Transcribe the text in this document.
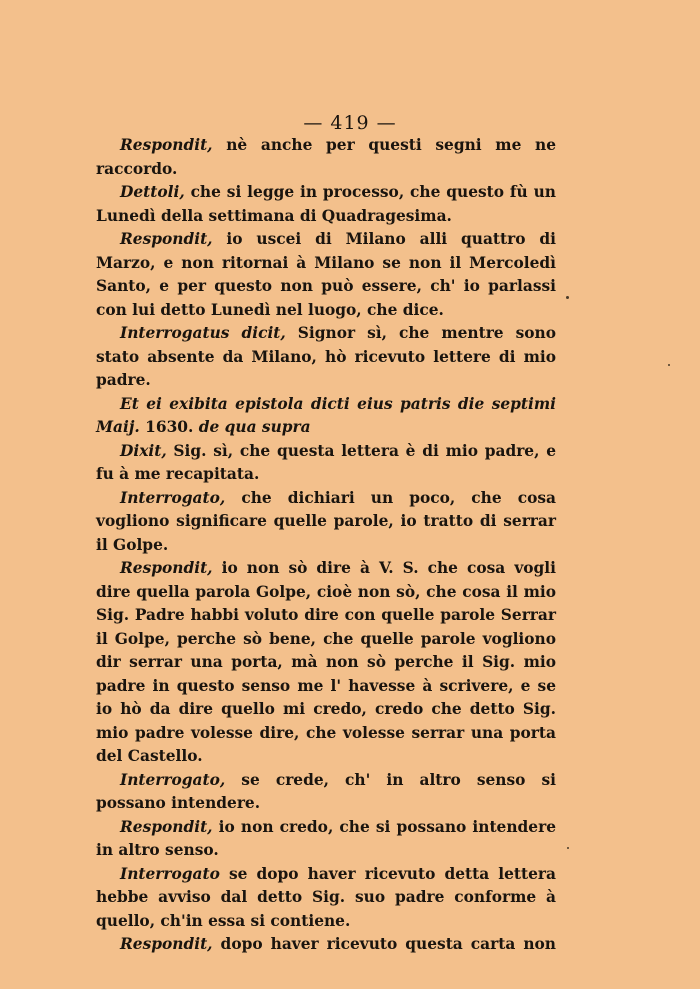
— 419 —

Respondit, nè anche per questi segni me ne raccordo.

Dettoli, che si legge in processo, che questo fù un Lunedì della settimana di Quadragesima.

Respondit, io uscei di Milano alli quattro di Marzo, e non ritornai à Milano se non il Mercoledì Santo, e per questo non può essere, ch' io parlassi con lui detto Lunedì nel luogo, che dice.

Interrogatus dicit, Signor sì, che mentre sono stato absente da Milano, hò ricevuto lettere di mio padre.

Et ei exibita epistola dicti eius patris die septimi Maij. 1630. de qua supra

Dixit, Sig. sì, che questa lettera è di mio padre, e fu à me recapitata.

Interrogato, che dichiari un poco, che cosa vogliono significare quelle parole, io tratto di serrar il Golpe.

Respondit, io non sò dire à V. S. che cosa vogli dire quella parola Golpe, cioè non sò, che cosa il mio Sig. Padre habbi voluto dire con quelle parole Serrar il Golpe, perche sò bene, che quelle parole vogliono dir serrar una porta, mà non sò perche il Sig. mio padre in questo senso me l' havesse à scrivere, e se io hò da dire quello mi credo, credo che detto Sig. mio padre volesse dire, che volesse serrar una porta del Castello.

Interrogato, se crede, ch' in altro senso si possano intendere.

Respondit, io non credo, che si possano intendere in altro senso.

Interrogato se dopo haver ricevuto detta lettera hebbe avviso dal detto Sig. suo padre conforme à quello, ch'in essa si contiene.

Respondit, dopo haver ricevuto questa carta non
